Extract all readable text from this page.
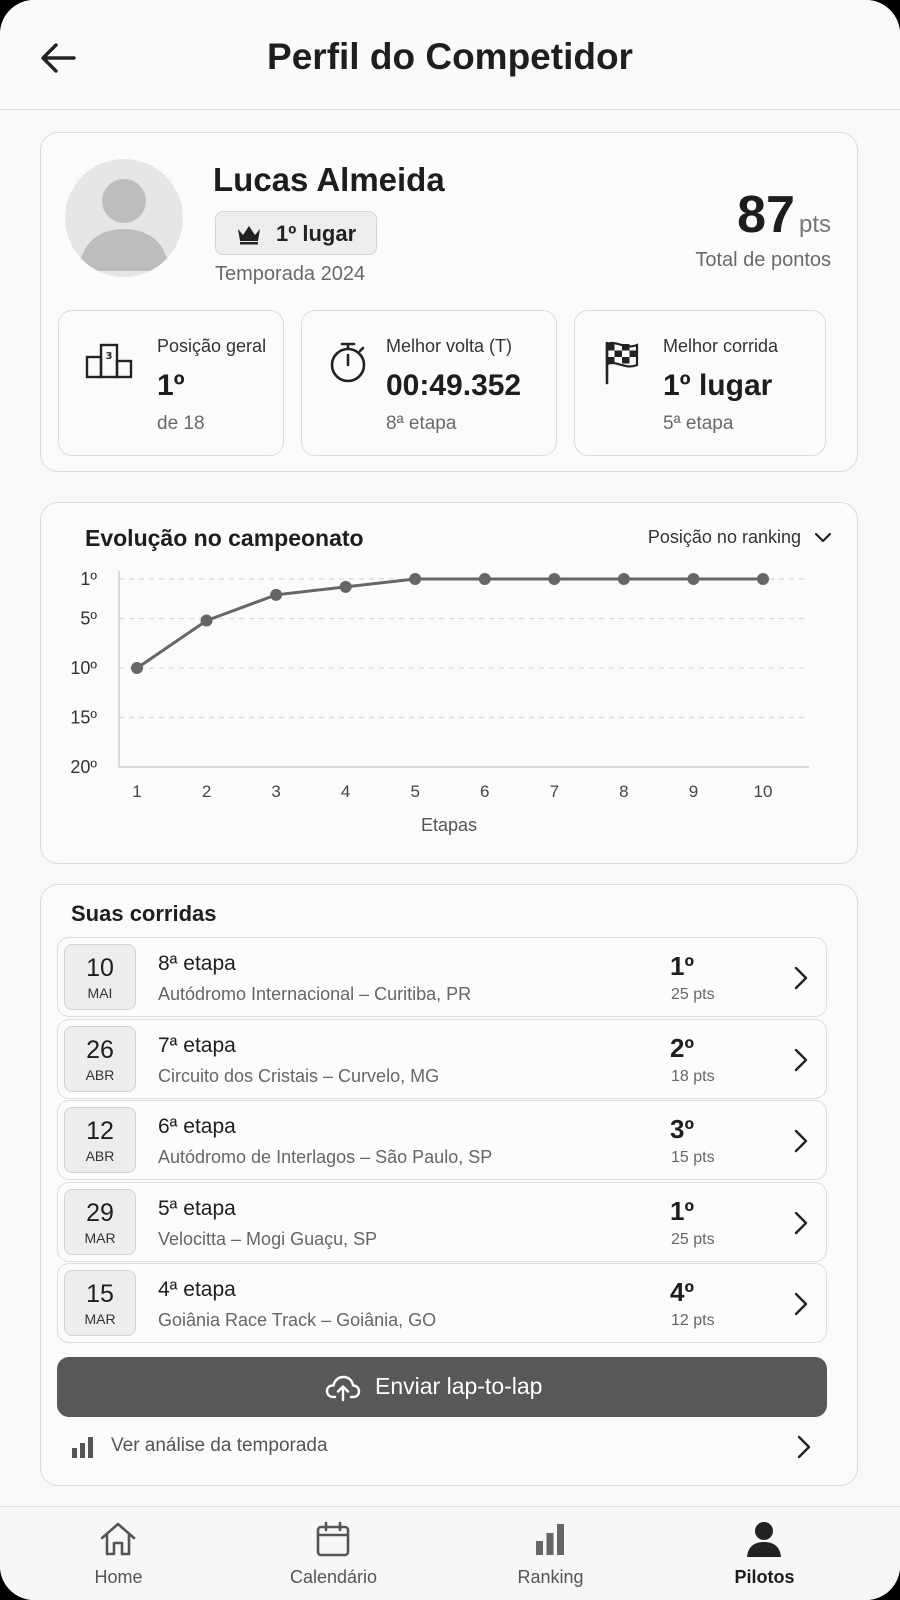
Perfil do Competidor
Lucas Almeida
1º lugar
Temporada 2024
87 pts
Total de pontos
3
Posição geral
1º
de 18
Melhor volta (T)
00:49.352
8ª etapa
Melhor corrida
1º lugar
5ª etapa
Evolução no campeonato	Posição no ranking
1º
5º
10º
15º
20º
1	2	3	4	5	6	7	8	9	10
Etapas
Suas corridas
10
MAI
8ª etapa
Autódromo Internacional – Curitiba, PR
1º
25 pts
26
ABR
7ª etapa
Circuito dos Cristais – Curvelo, MG
2º
18 pts
12
ABR
6ª etapa
Autódromo de Interlagos – São Paulo, SP
3º
15 pts
29
MAR
5ª etapa
Velocitta – Mogi Guaçu, SP
1º
25 pts
15
MAR
4ª etapa
Goiânia Race Track – Goiânia, GO
4º
12 pts
Enviar lap-to-lap
Ver análise da temporada
Home	Calendário	Ranking	Pilotos
